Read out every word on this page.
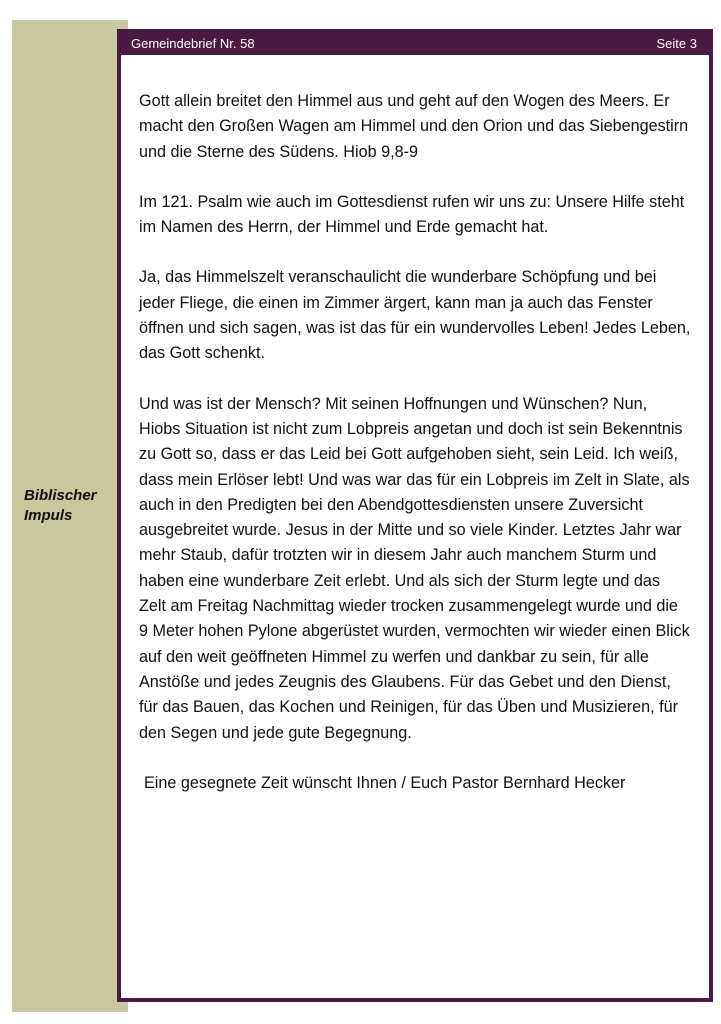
Biblischer
Impuls
Gemeindebrief Nr. 58	Seite 3

Gott allein breitet den Himmel aus und geht auf den Wogen des Meers. Er macht den Großen Wagen am Himmel und den Orion und das Siebengestirn und die Sterne des Südens. Hiob 9,8-9

Im 121. Psalm wie auch im Gottesdienst rufen wir uns zu: Unsere Hilfe steht im Namen des Herrn, der Himmel und Erde gemacht hat.

Ja, das Himmelszelt veranschaulicht die wunderbare Schöpfung und bei jeder Fliege, die einen im Zimmer ärgert, kann man ja auch das Fenster öffnen und sich sagen, was ist das für ein wundervolles Leben! Jedes Leben, das Gott schenkt.

Und was ist der Mensch? Mit seinen Hoffnungen und Wünschen? Nun, Hiobs Situation ist nicht zum Lobpreis angetan und doch ist sein Bekenntnis zu Gott so, dass er das Leid bei Gott aufgehoben sieht, sein Leid. Ich weiß, dass mein Erlöser lebt! Und was war das für ein Lobpreis im Zelt in Slate, als auch in den Predigten bei den Abendgottesdiensten unsere Zuversicht ausgebreitet wurde. Jesus in der Mitte und so viele Kinder. Letztes Jahr war mehr Staub, dafür trotzten wir in diesem Jahr auch manchem Sturm und haben eine wunderbare Zeit erlebt. Und als sich der Sturm legte und das Zelt am Freitag Nachmittag wieder trocken zusammengelegt wurde und die 9 Meter hohen Pylone abgerüstet wurden, vermochten wir wieder einen Blick auf den weit geöffneten Himmel zu werfen und dankbar zu sein, für alle Anstöße und jedes Zeugnis des Glaubens. Für das Gebet und den Dienst, für das Bauen, das Kochen und Reinigen, für das Üben und Musizieren, für den Segen und jede gute Begegnung.

Eine gesegnete Zeit wünscht Ihnen / Euch Pastor Bernhard Hecker
